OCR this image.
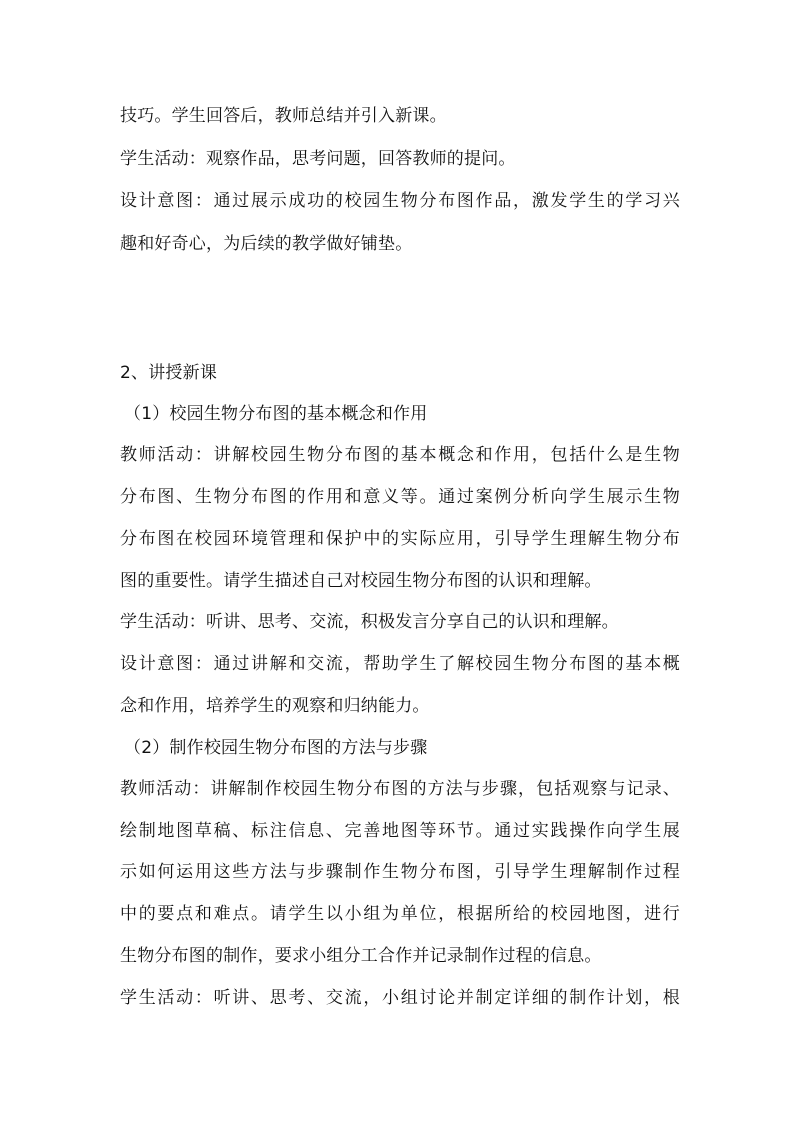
技巧。学生回答后，教师总结并引入新课。
学生活动：观察作品，思考问题，回答教师的提问。
设计意图：通过展示成功的校园生物分布图作品，激发学生的学习兴
趣和好奇心，为后续的教学做好铺垫。
2、讲授新课
（1）校园生物分布图的基本概念和作用
教师活动：讲解校园生物分布图的基本概念和作用，包括什么是生物
分布图、生物分布图的作用和意义等。通过案例分析向学生展示生物
分布图在校园环境管理和保护中的实际应用，引导学生理解生物分布
图的重要性。请学生描述自己对校园生物分布图的认识和理解。
学生活动：听讲、思考、交流，积极发言分享自己的认识和理解。
设计意图：通过讲解和交流，帮助学生了解校园生物分布图的基本概
念和作用，培养学生的观察和归纳能力。
（2）制作校园生物分布图的方法与步骤
教师活动：讲解制作校园生物分布图的方法与步骤，包括观察与记录、
绘制地图草稿、标注信息、完善地图等环节。通过实践操作向学生展
示如何运用这些方法与步骤制作生物分布图，引导学生理解制作过程
中的要点和难点。请学生以小组为单位，根据所给的校园地图，进行
生物分布图的制作，要求小组分工合作并记录制作过程的信息。
学生活动：听讲、思考、交流，小组讨论并制定详细的制作计划，根
